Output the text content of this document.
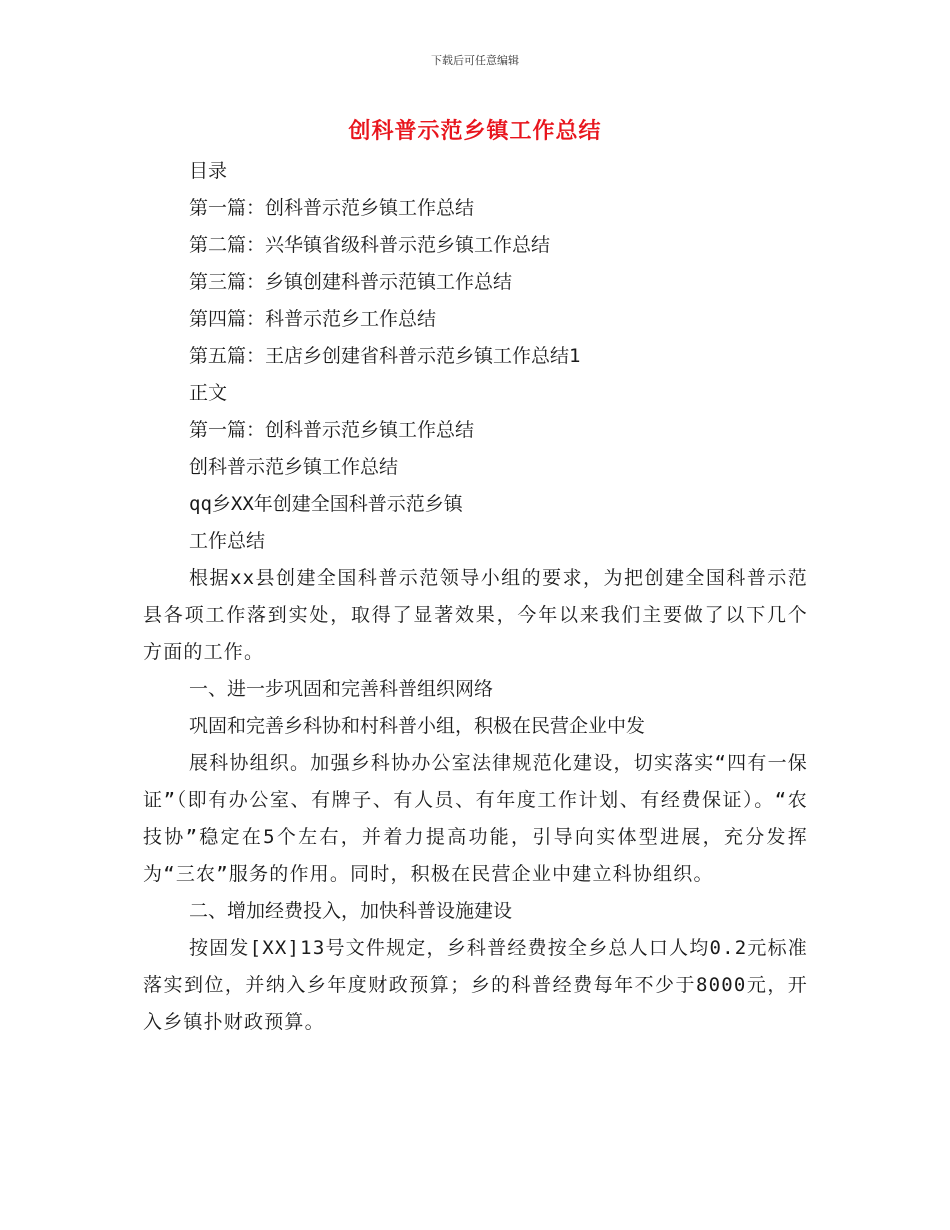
下载后可任意编辑
创科普示范乡镇工作总结
目录
第一篇：创科普示范乡镇工作总结
第二篇：兴华镇省级科普示范乡镇工作总结
第三篇：乡镇创建科普示范镇工作总结
第四篇：科普示范乡工作总结
第五篇：王店乡创建省科普示范乡镇工作总结1
正文
第一篇：创科普示范乡镇工作总结
创科普示范乡镇工作总结
qq乡XX年创建全国科普示范乡镇
工作总结

根据xx县创建全国科普示范领导小组的要求，为把创建全国科普示范县各项工作落到实处，取得了显著效果，今年以来我们主要做了以下几个方面的工作。

一、进一步巩固和完善科普组织网络
巩固和完善乡科协和村科普小组，积极在民营企业中发

展科协组织。加强乡科协办公室法律规范化建设，切实落实“四有一保证”（即有办公室、有牌子、有人员、有年度工作计划、有经费保证）。“农技协”稳定在5个左右，并着力提高功能，引导向实体型进展，充分发挥为“三农”服务的作用。同时，积极在民营企业中建立科协组织。

二、增加经费投入，加快科普设施建设

按固发[XX]13号文件规定，乡科普经费按全乡总人口人均0.2元标准落实到位，并纳入乡年度财政预算；乡的科普经费每年不少于8000元，开入乡镇扑财政预算。
